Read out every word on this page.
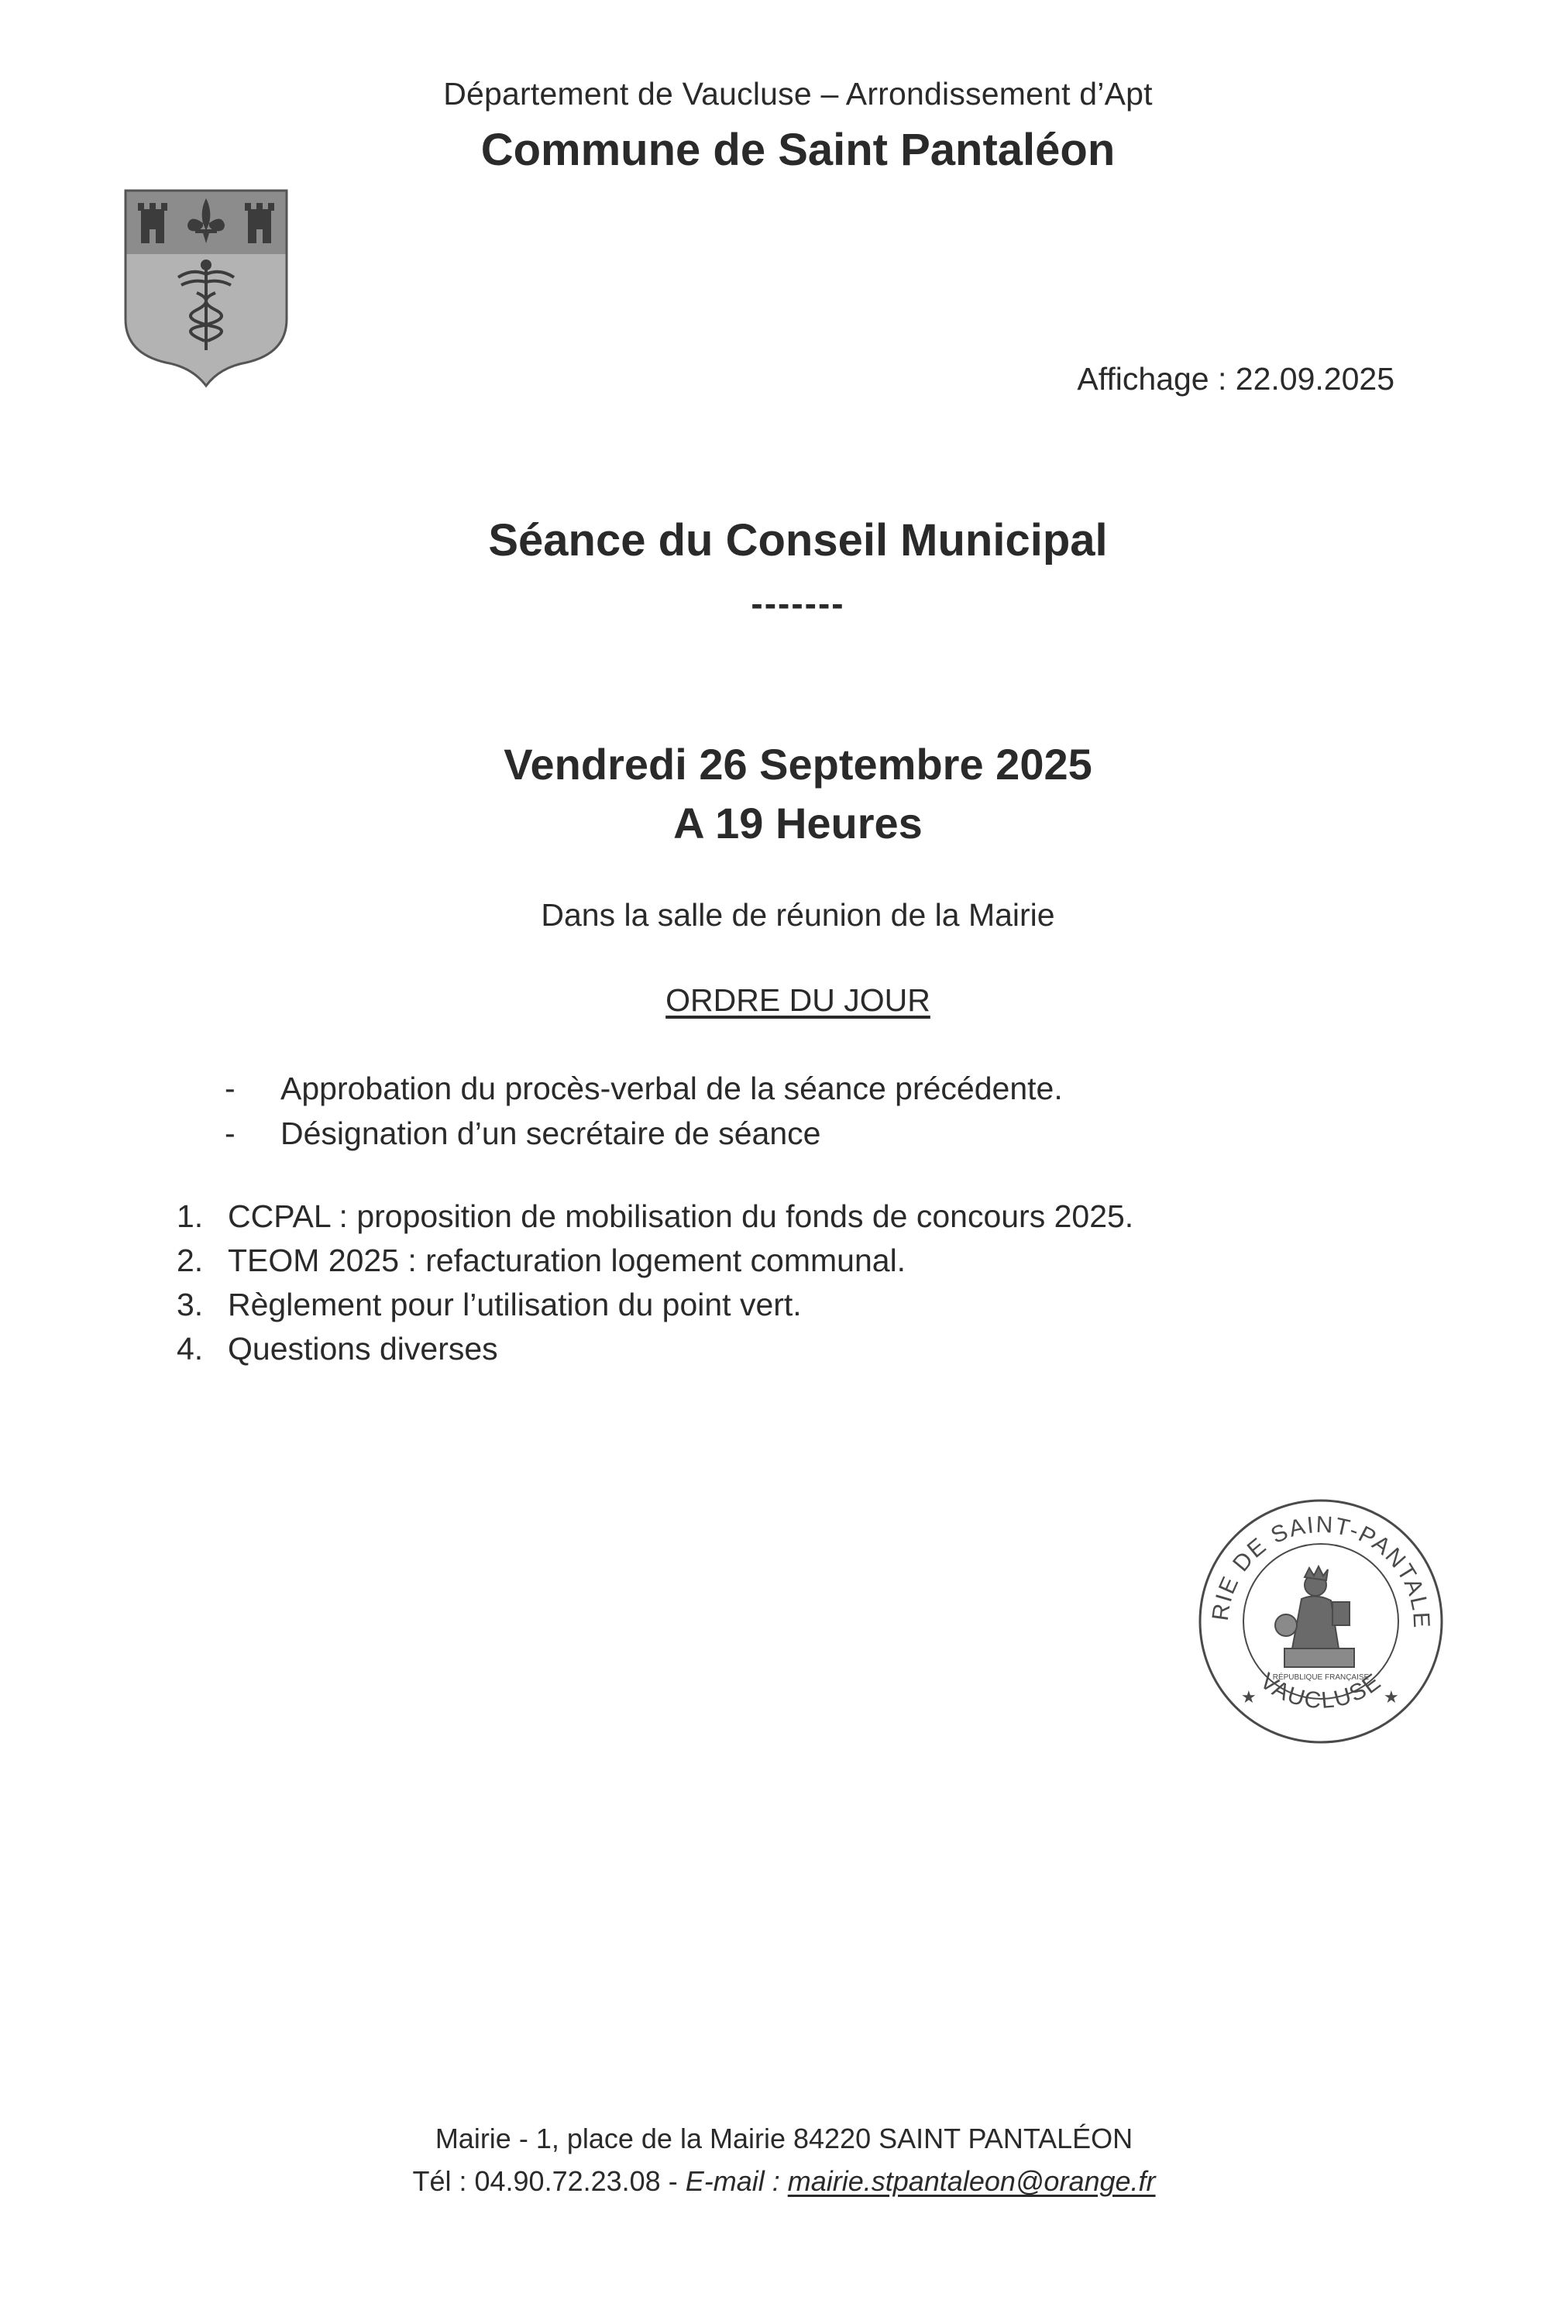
Département de Vaucluse – Arrondissement d’Apt
Commune de Saint Pantaléon
Affichage : 22.09.2025
Séance du Conseil Municipal
-------
Vendredi 26 Septembre 2025
A 19 Heures
Dans la salle de réunion de la Mairie
ORDRE DU JOUR
- Approbation du procès-verbal de la séance précédente.
- Désignation d’un secrétaire de séance
1. CCPAL : proposition de mobilisation du fonds de concours 2025.
2. TEOM 2025 : refacturation logement communal.
3. Règlement pour l’utilisation du point vert.
4. Questions diverses
RIE DE SAINT-PANTALE
VAUCLUSE
★	★
RÉPUBLIQUE FRANÇAISE
Mairie - 1, place de la Mairie 84220 SAINT PANTALÉON
Tél : 04.90.72.23.08 - E-mail : mairie.stpantaleon@orange.fr
